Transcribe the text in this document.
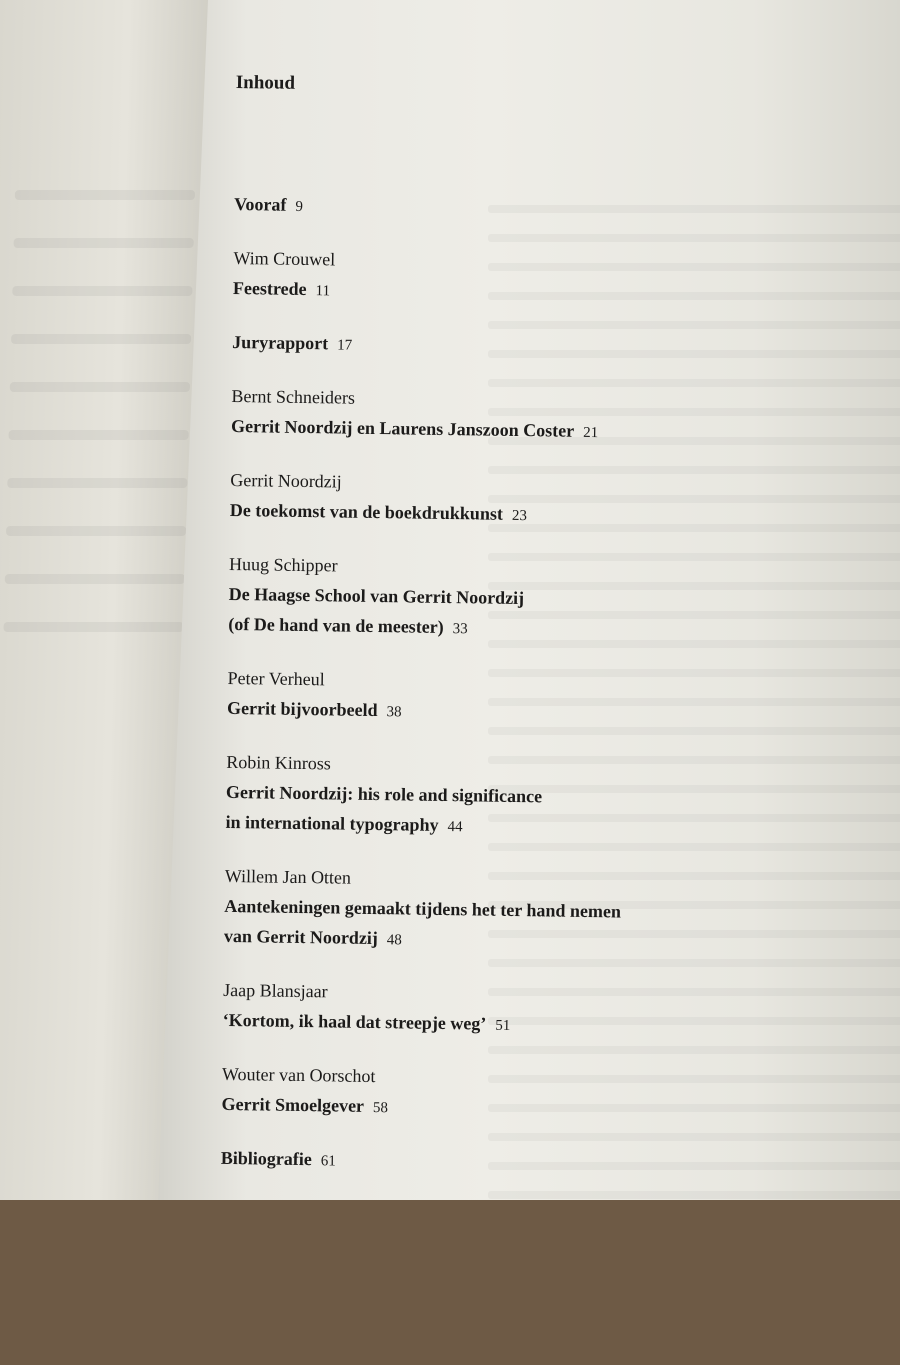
Inhoud
Vooraf 9
Wim Crouwel
Feestrede 11
Juryrapport 17
Bernt Schneiders
Gerrit Noordzij en Laurens Janszoon Coster 21
Gerrit Noordzij
De toekomst van de boekdrukkunst 23
Huug Schipper
De Haagse School van Gerrit Noordzij
(of De hand van de meester) 33
Peter Verheul
Gerrit bijvoorbeeld 38
Robin Kinross
Gerrit Noordzij: his role and significance
in international typography 44
Willem Jan Otten
Aantekeningen gemaakt tijdens het ter hand nemen
van Gerrit Noordzij 48
Jaap Blansjaar
‘Kortom, ik haal dat streepje weg’ 51
Wouter van Oorschot
Gerrit Smoelgever 58
Bibliografie 61
